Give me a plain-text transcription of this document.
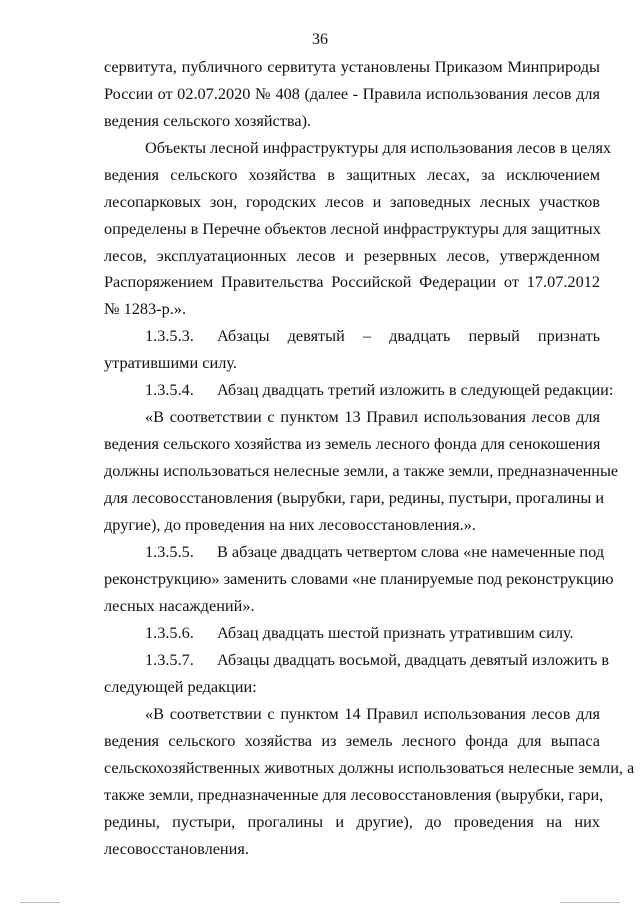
36
сервитута, публичного сервитута установлены Приказом Минприроды
России от 02.07.2020 № 408 (далее - Правила использования лесов для
ведения сельского хозяйства).
Объекты лесной инфраструктуры для использования лесов в целях
ведения сельского хозяйства в защитных лесах, за исключением
лесопарковых зон, городских лесов и заповедных лесных участков
определены в Перечне объектов лесной инфраструктуры для защитных
лесов, эксплуатационных лесов и резервных лесов, утвержденном
Распоряжением Правительства Российской Федерации от 17.07.2012
№ 1283-р.».
1.3.5.3. Абзацы девятый – двадцать первый признать
утратившими силу.
1.3.5.4. Абзац двадцать третий изложить в следующей редакции:
«В соответствии с пунктом 13 Правил использования лесов для
ведения сельского хозяйства из земель лесного фонда для сенокошения
должны использоваться нелесные земли, а также земли, предназначенные
для лесовосстановления (вырубки, гари, редины, пустыри, прогалины и
другие), до проведения на них лесовосстановления.».
1.3.5.5. В абзаце двадцать четвертом слова «не намеченные под
реконструкцию» заменить словами «не планируемые под реконструкцию
лесных насаждений».
1.3.5.6. Абзац двадцать шестой признать утратившим силу.
1.3.5.7. Абзацы двадцать восьмой, двадцать девятый изложить в
следующей редакции:
«В соответствии с пунктом 14 Правил использования лесов для
ведения сельского хозяйства из земель лесного фонда для выпаса
сельскохозяйственных животных должны использоваться нелесные земли, а
также земли, предназначенные для лесовосстановления (вырубки, гари,
редины, пустыри, прогалины и другие), до проведения на них
лесовосстановления.
